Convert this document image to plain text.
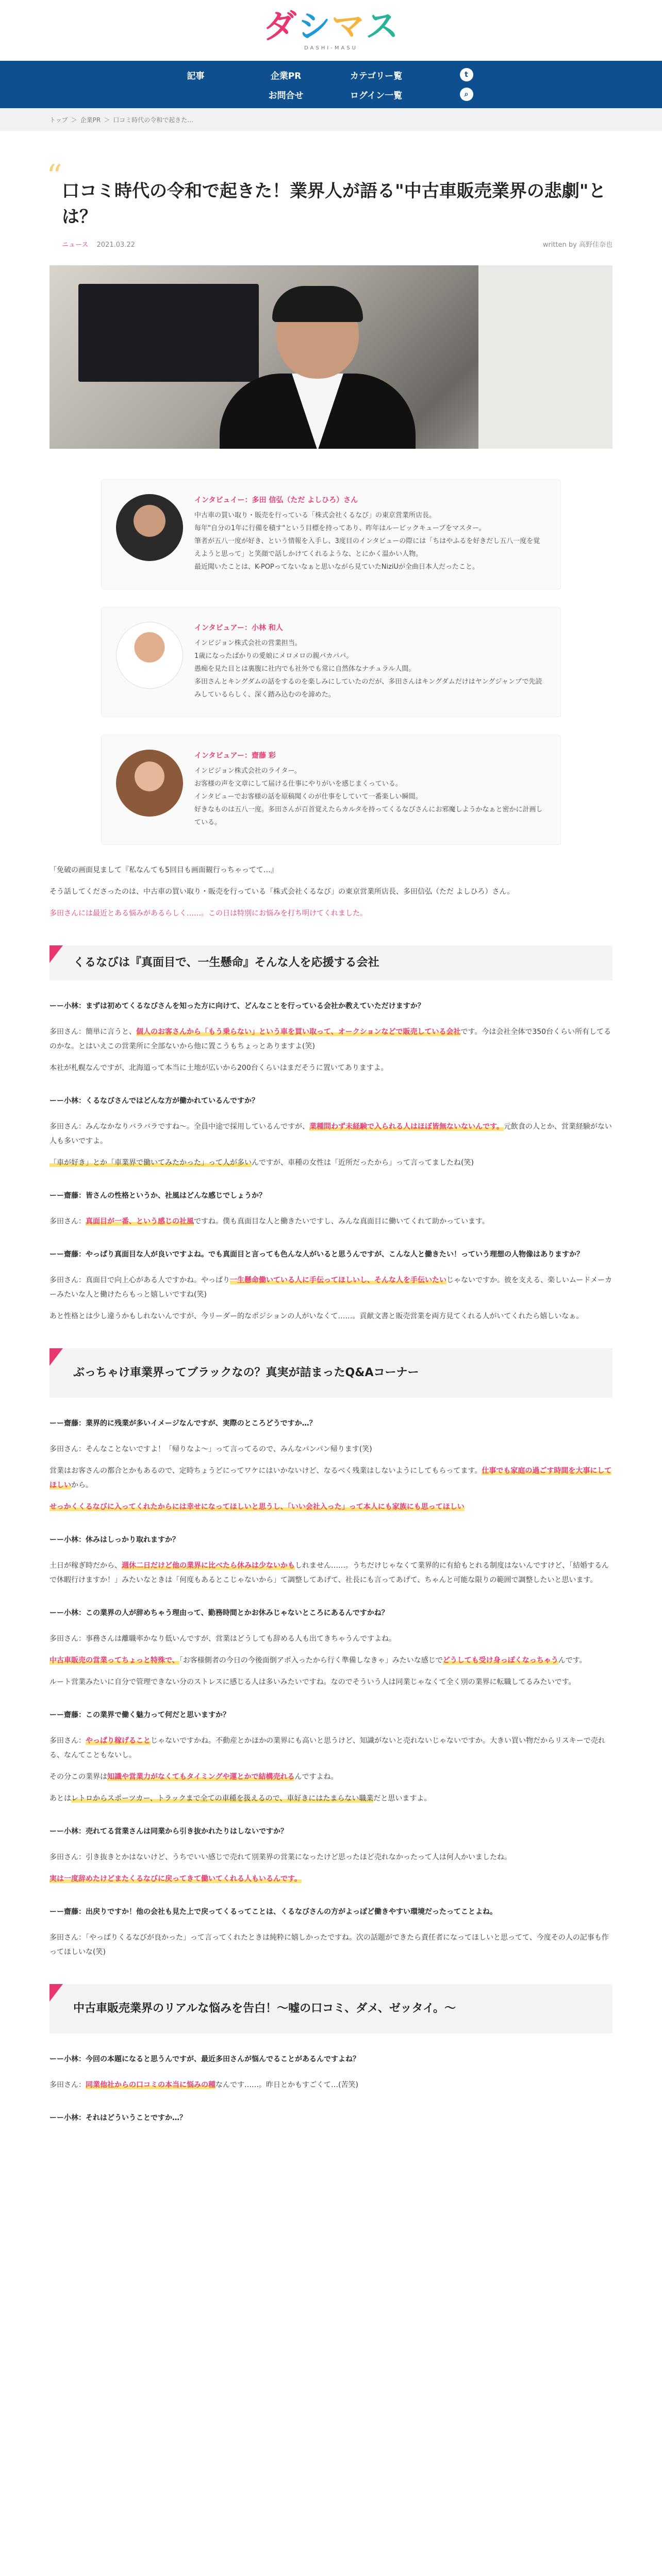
ダ シ マ ス
DASHI-MASU
記事	企業PR	カテゴリー覧	t
お問合せ	ログイン一覧	⌕
トップ ＞ 企業PR ＞ 口コミ時代の令和で起きた…
“ 口コミ時代の令和で起きた！業界人が語る"中古車販売業界の悲劇"とは？
ニュース 2021.03.22	written by 高野佳奈也
インタビュイー：多田 信弘（ただ よしひろ）さん

中古車の買い取り・販売を行っている「株式会社くるなび」の東京営業所店長。

毎年"自分の1年に行備を積す"という目標を持ってあり、昨年はルービックキューブをマスター。

筆者が五八一度が好き、という情報を入手し、3度目のインタビューの際には「ちはやふるを好きだし五八一度を覚えようと思って」と笑顔で話しかけてくれるような、とにかく温かい人物。

最近聞いたことは、K-POPってないなぁと思いながら見ていたNiziUが全曲日本人だったこと。

インタビュアー：小林 和人

インビジョン株式会社の営業担当。

1歳になったばかりの愛娘にメロメロの親バカパパ。

愚痴を見た目とは裏腹に社内でも社外でも常に自然体なナチュラル人間。

多田さんとキングダムの話をするのを楽しみにしていたのだが、多田さんはキングダムだけはヤングジャンプで先読みしているらしく、深く踏み込むのを諦めた。

インタビュアー：齋藤 彩

インビジョン株式会社のライター。

お客様の声を文章にして届ける仕事にやりがいを感じまくっている。

インタビューでお客様の話を原稿聞くのが仕事をしていて一番楽しい瞬間。

好きなものは五八一度。多田さんが百首覚えたらカルタを持ってくるなびさんにお邪魔しようかなぁと密かに計画している。

「免破の画面見まして『私なんても5回目も画面観行っちゃってて…』

そう話してくださったのは、中古車の買い取り・販売を行っている「株式会社くるなび」の東京営業所店長、多田信弘（ただ よしひろ）さん。

多田さんには最近とある悩みがあるらしく……。この日は特別にお悩みを打ち明けてくれました。

くるなびは『真面目で、一生懸命』そんな人を応援する会社

ーー小林：まずは初めてくるなびさんを知った方に向けて、どんなことを行っている会社か教えていただけますか？

多田さん：簡単に言うと、個人のお客さんから「もう乗らない」という車を買い取って、オークションなどで販売している会社です。今は会社全体で350台くらい所有してるのかな。とはいえこの営業所に全部ないから他に置こうもちょっとありますよ(笑)

本社が札幌なんですが、北海道って本当に土地が広いから200台くらいはまだそうに置いてありますよ。

ーー小林：くるなびさんではどんな方が働かれているんですか？

多田さん：みんなかなりバラバラですね～。全員中途で採用しているんですが、業種問わず未経験で入られる人はほぼ皆無ないないんです。元飲食の人とか、営業経験がない人も多いですよ。

「車が好き」とか「車業界で働いてみたかった」って人が多いんですが、車種の女性は「近所だったから」って言ってましたね(笑)

ーー齋藤：皆さんの性格というか、社風はどんな感じでしょうか？

多田さん：真面目が一番、という感じの社風ですね。僕も真面目な人と働きたいですし、みんな真面目に働いてくれて助かっています。

ーー齋藤：やっぱり真面目な人が良いですよね。でも真面目と言っても色んな人がいると思うんですが、こんな人と働きたい！っていう理想の人物像はありますか？

多田さん：真面目で向上心がある人ですかね。やっぱり一生懸命働いている人に手伝ってほしいし、そんな人を手伝いたいじゃないですか。彼を支える、楽しいムードメーカーみたいな人と働けたらもっと嬉しいですね(笑)

あと性格とは少し違うかもしれないんですが、今リーダー的なポジションの人がいなくて……。貢献文書と販売営業を両方見てくれる人がいてくれたら嬉しいなぁ。

ぶっちゃけ車業界ってブラックなの？真実が詰まったQ&Aコーナー

ーー齋藤：業界的に残業が多いイメージなんですが、実際のところどうですか…？

多田さん：そんなことないですよ！「帰りなよ～」って言ってるので、みんなパンパン帰ります(笑)

営業はお客さんの都合とかもあるので、定時ちょうどにってワケにはいかないけど、なるべく残業はしないようにしてもらってます。仕事でも家庭の過ごす時間を大事にしてほしいから。

せっかくくるなびに入ってくれたからには幸せになってほしいと思うし、「いい会社入った」って本人にも家族にも思ってほしい

ーー小林：休みはしっかり取れますか？

土日が稼ぎ時だから、週休二日だけど他の業界に比べたら休みは少ないかもしれません……。うちだけじゃなくて業界的に有給もとれる制度はないんですけど、「結婚するんで休暇行けますか！」みたいなときは「何度もあるとこじゃないから」て調整してあげて、社長にも言ってあげて、ちゃんと可能な限りの範囲で調整したいと思います。

ーー小林：この業界の人が辞めちゃう理由って、勤務時間とかお休みじゃないところにあるんですかね？

多田さん：事務さんは離職率かなり低いんですが、営業はどうしても辞める人も出てきちゃうんですよね。

中古車販売の営業ってちょっと特殊で、「お客様側者の今日の今後面倒アポ入ったから行く準備しなきゃ」みたいな感じでどうしても受け身っぽくなっちゃうんです。

ルート営業みたいに自分で管理できない分のストレスに感じる人は多いみたいですね。なのでそういう人は同業じゃなくて全く別の業界に転職してるみたいです。

ーー齋藤：この業界で働く魅力って何だと思いますか？

多田さん：やっぱり稼げることじゃないですかね。不動産とかほかの業界にも高いと思うけど、知識がないと売れないじゃないですか。大きい買い物だからリスキーで売れる、なんてこともないし。

その分この業界は知識や営業力がなくてもタイミングや運とかで結構売れるんですよね。

あとはレトロからスポーツカー、トラックまで全ての車種を扱えるので、車好きにはたまらない職業だと思いますよ。

ーー小林：売れてる営業さんは同業から引き抜かれたりはしないですか？

多田さん：引き抜きとかはないけど、うちでいい感じで売れて別業界の営業になったけど思ったほど売れなかったって人は何人かいましたね。

実は一度辞めたけどまたくるなびに戻ってきて働いてくれる人もいるんです。

ーー齋藤：出戻りですか！他の会社も見た上で戻ってくるってことは、くるなびさんの方がよっぽど働きやすい環境だったってことよね。

多田さん：「やっぱりくるなびが良かった」って言ってくれたときは純粋に嬉しかったですね。次の話題ができたら責任者になってほしいと思ってて、今度その人の記事も作ってほしいな(笑)

中古車販売業界のリアルな悩みを告白！〜嘘の口コミ、ダメ、ゼッタイ。〜

ーー小林：今回の本題になると思うんですが、最近多田さんが悩んでることがあるんですよね？

多田さん：同業他社からの口コミの本当に悩みの種なんです……。昨日とかもすごくて…(苦笑)

ーー小林：それはどういうことですか…？
